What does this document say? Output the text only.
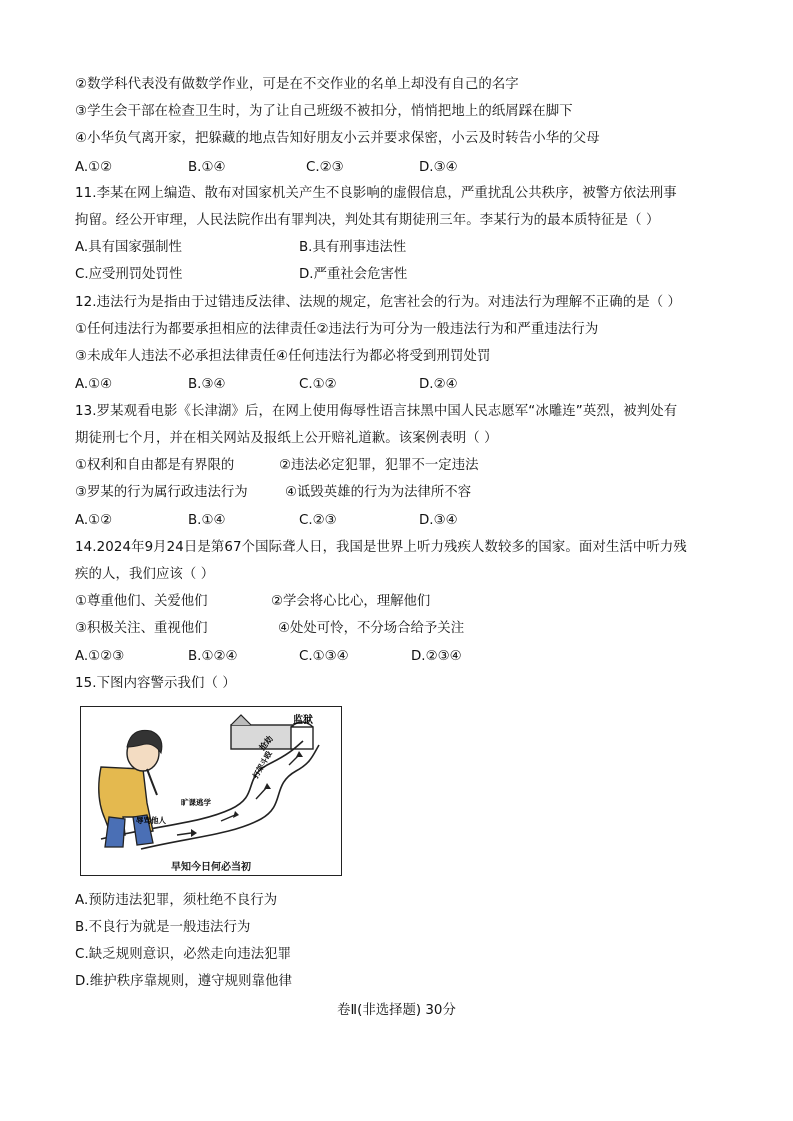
②数学科代表没有做数学作业，可是在不交作业的名单上却没有自己的名字
③学生会干部在检查卫生时，为了让自己班级不被扣分，悄悄把地上的纸屑踩在脚下
④小华负气离开家，把躲藏的地点告知好朋友小云并要求保密，小云及时转告小华的父母
A.①②	B.①④	C.②③	D.③④
11.李某在网上编造、散布对国家机关产生不良影响的虚假信息，严重扰乱公共秩序，被警方依法刑事
拘留。经公开审理，人民法院作出有罪判决，判处其有期徒刑三年。李某行为的最本质特征是（ ）
A.具有国家强制性	B.具有刑事违法性
C.应受刑罚处罚性	D.严重社会危害性
12.违法行为是指由于过错违反法律、法规的规定，危害社会的行为。对违法行为理解不正确的是（ ）
①任何违法行为都要承担相应的法律责任②违法行为可分为一般违法行为和严重违法行为
③未成年人违法不必承担法律责任④任何违法行为都必将受到刑罚处罚
A.①④	B.③④	C.①②	D.②④
13.罗某观看电影《长津湖》后，在网上使用侮辱性语言抹黑中国人民志愿军“冰雕连”英烈，被判处有
期徒刑七个月，并在相关网站及报纸上公开赔礼道歉。该案例表明（ ）
①权利和自由都是有界限的	②违法必定犯罪，犯罪不一定违法
③罗某的行为属行政违法行为	④诋毁英雄的行为为法律所不容
A.①②	B.①④	C.②③	D.③④
14.2024年9月24日是第67个国际聋人日，我国是世界上听力残疾人数较多的国家。面对生活中听力残
疾的人，我们应该（ ）
①尊重他们、关爱他们	②学会将心比心，理解他们
③积极关注、重视他们	④处处可怜，不分场合给予关注
A.①②③	B.①②④	C.①③④	D.②③④
15.下图内容警示我们（ ）
辱骂他人
旷课逃学
打架斗殴
抢劫
监狱
早知今日何必当初
A.预防违法犯罪，须杜绝不良行为
B.不良行为就是一般违法行为
C.缺乏规则意识，必然走向违法犯罪
D.维护秩序靠规则，遵守规则靠他律
卷Ⅱ(非选择题) 30分
